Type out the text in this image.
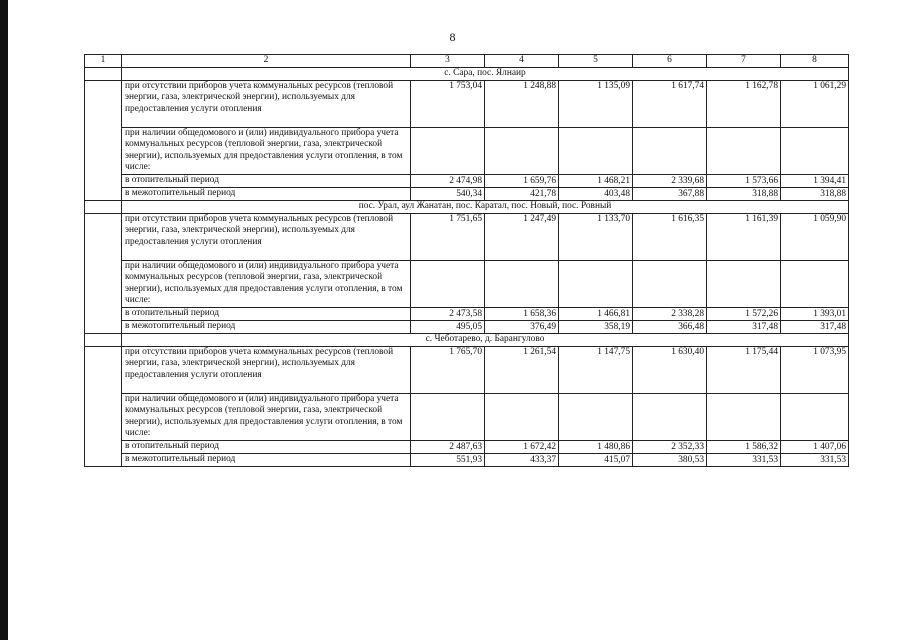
8
1	2	3	4	5	6	7	8
	с. Сара, пос. Ялнаир						
	при отсутствии приборов учета коммунальных ресурсов (тепловой энергии, газа, электрической энергии), используемых для предоставления услуги отопления	1 753,04	1 248,88	1 135,09	1 617,74	1 162,78	1 061,29
	при наличии общедомового и (или) индивидуального прибора учета коммунальных ресурсов (тепловой энергии, газа, электрической энергии), используемых для предоставления услуги отопления, в том числе:						
	в отопительный период	2 474,98	1 659,76	1 468,21	2 339,68	1 573,66	1 394,41
	в межотопительный период	540,34	421,78	403,48	367,88	318,88	318,88
	пос. Урал, аул Жанатан, пос. Каратал, пос. Новый, пос. Ровный						
	при отсутствии приборов учета коммунальных ресурсов (тепловой энергии, газа, электрической энергии), используемых для предоставления услуги отопления	1 751,65	1 247,49	1 133,70	1 616,35	1 161,39	1 059,90
	при наличии общедомового и (или) индивидуального прибора учета коммунальных ресурсов (тепловой энергии, газа, электрической энергии), используемых для предоставления услуги отопления, в том числе:						
	в отопительный период	2 473,58	1 658,36	1 466,81	2 338,28	1 572,26	1 393,01
	в межотопительный период	495,05	376,49	358,19	366,48	317,48	317,48
	с. Чеботарево, д. Барангулово						
	при отсутствии приборов учета коммунальных ресурсов (тепловой энергии, газа, электрической энергии), используемых для предоставления услуги отопления	1 765,70	1 261,54	1 147,75	1 630,40	1 175,44	1 073,95
	при наличии общедомового и (или) индивидуального прибора учета коммунальных ресурсов (тепловой энергии, газа, электрической энергии), используемых для предоставления услуги отопления, в том числе:						
	в отопительный период	2 487,63	1 672,42	1 480,86	2 352,33	1 586,32	1 407,06
	в межотопительный период	551,93	433,37	415,07	380,53	331,53	331,53
